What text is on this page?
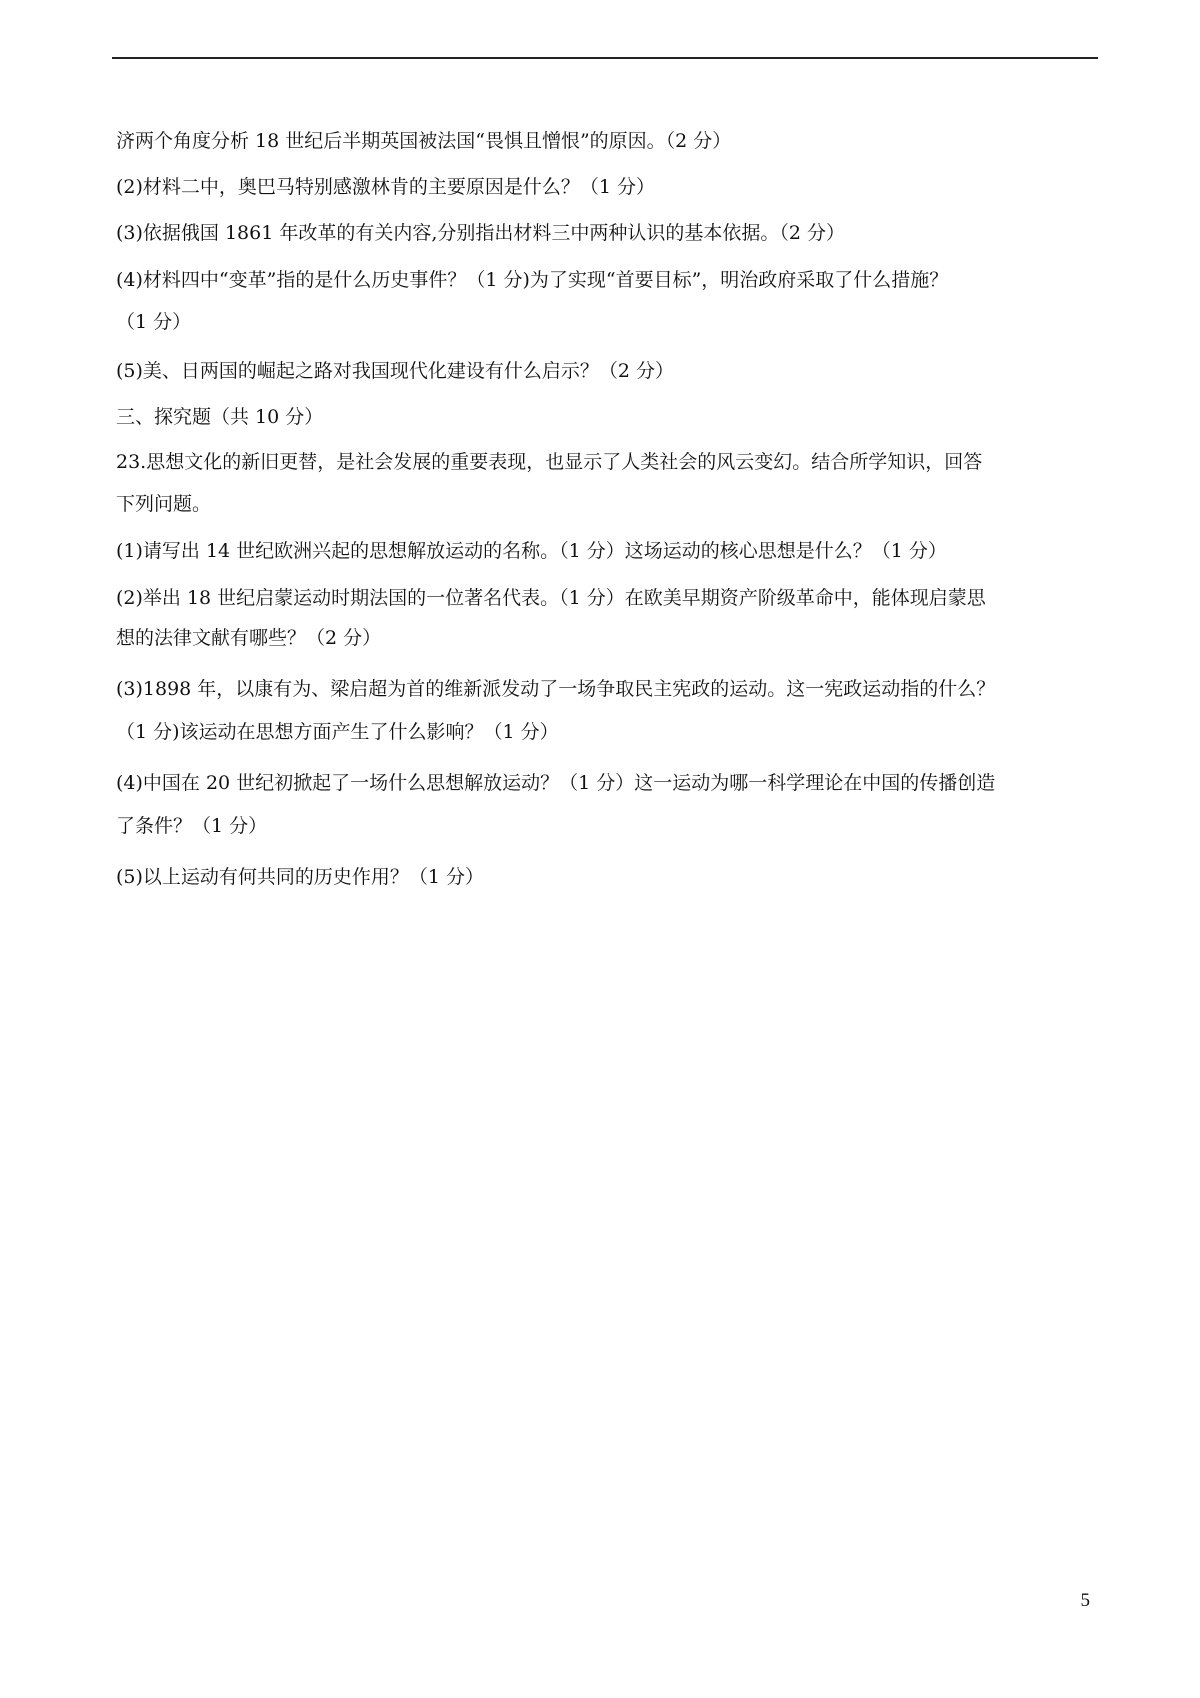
济两个角度分析 18 世纪后半期英国被法国“畏惧且憎恨”的原因。（2 分）
(2)材料二中，奥巴马特别感激林肯的主要原因是什么？（1 分）
(3)依据俄国 1861 年改革的有关内容,分别指出材料三中两种认识的基本依据。（2 分）
(4)材料四中“变革”指的是什么历史事件？（1 分)为了实现“首要目标”，明治政府采取了什么措施？
（1 分）
(5)美、日两国的崛起之路对我国现代化建设有什么启示？（2 分）
三、探究题（共 10 分）
23.思想文化的新旧更替，是社会发展的重要表现，也显示了人类社会的风云变幻。结合所学知识，回答
下列问题。
(1)请写出 14 世纪欧洲兴起的思想解放运动的名称。（1 分）这场运动的核心思想是什么？（1 分）
(2)举出 18 世纪启蒙运动时期法国的一位著名代表。（1 分）在欧美早期资产阶级革命中，能体现启蒙思
想的法律文献有哪些？（2 分）
(3)1898 年，以康有为、梁启超为首的维新派发动了一场争取民主宪政的运动。这一宪政运动指的什么？
（1 分)该运动在思想方面产生了什么影响？（1 分）
(4)中国在 20 世纪初掀起了一场什么思想解放运动？（1 分）这一运动为哪一科学理论在中国的传播创造
了条件？（1 分）
(5)以上运动有何共同的历史作用？（1 分）
5
